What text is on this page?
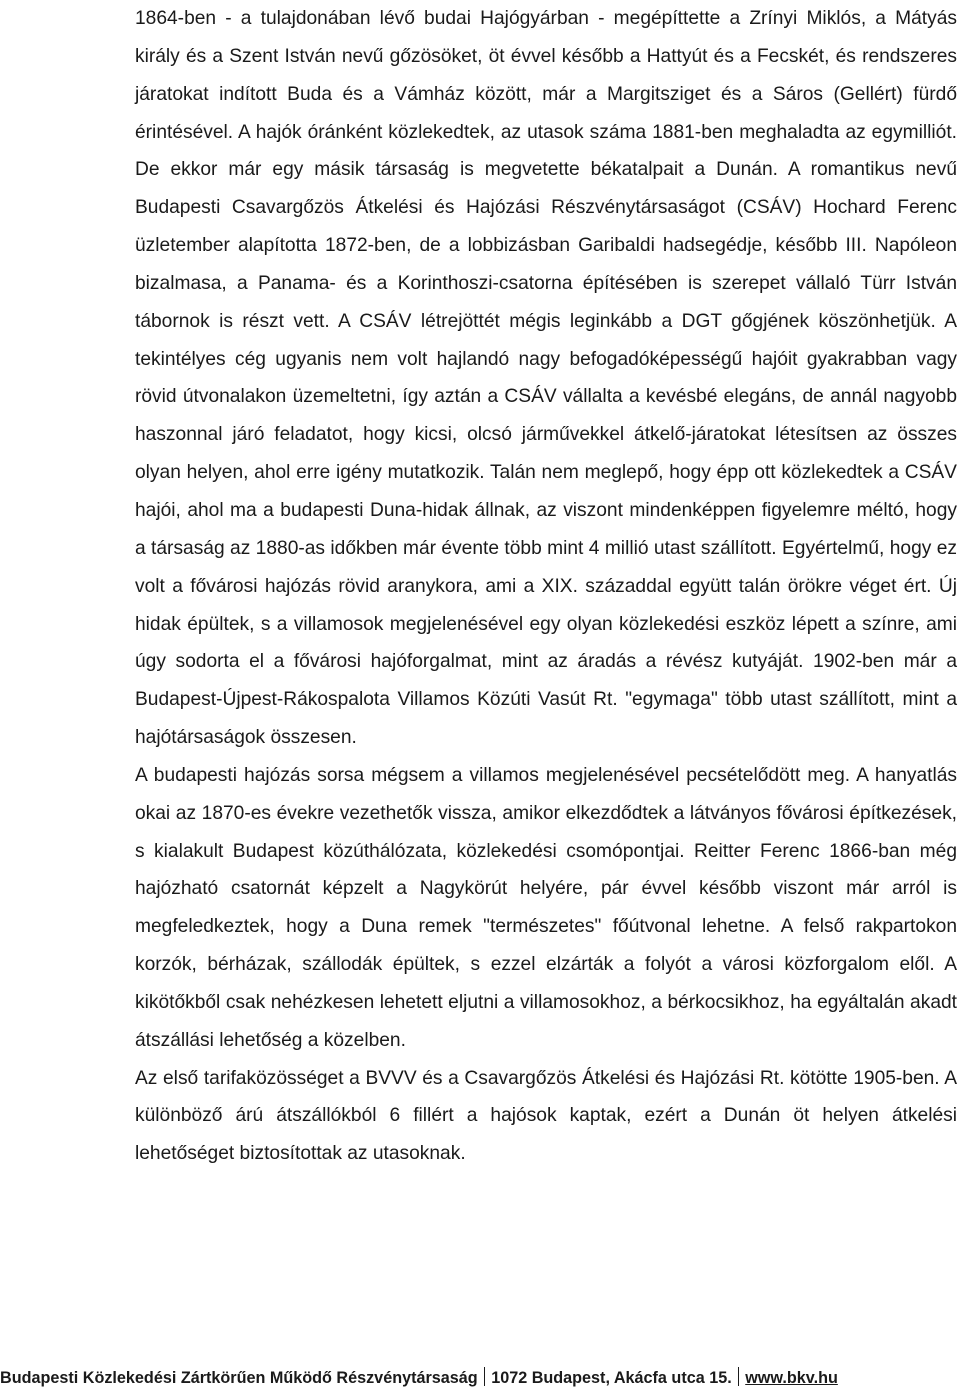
1864-ben - a tulajdonában lévő budai Hajógyárban - megépíttette a Zrínyi Miklós, a Mátyás király és a Szent István nevű gőzösöket, öt évvel később a Hattyút és a Fecskét, és rendszeres járatokat indított Buda és a Vámház között, már a Margitsziget és a Sáros (Gellért) fürdő érintésével. A hajók óránként közlekedtek, az utasok száma 1881-ben meghaladta az egymilliót. De ekkor már egy másik társaság is megvetette békatalpait a Dunán. A romantikus nevű Budapesti Csavargőzös Átkelési és Hajózási Részvénytársaságot (CSÁV) Hochard Ferenc üzletember alapította 1872-ben, de a lobbizásban Garibaldi hadsegédje, később III. Napóleon bizalmasa, a Panama- és a Korinthoszi-csatorna építésében is szerepet vállaló Türr István tábornok is részt vett. A CSÁV létrejöttét mégis leginkább a DGT gőgjének köszönhetjük. A tekintélyes cég ugyanis nem volt hajlandó nagy befogadóképességű hajóit gyakrabban vagy rövid útvonalakon üzemeltetni, így aztán a CSÁV vállalta a kevésbé elegáns, de annál nagyobb haszonnal járó feladatot, hogy kicsi, olcsó járművekkel átkelő-járatokat létesítsen az összes olyan helyen, ahol erre igény mutatkozik. Talán nem meglepő, hogy épp ott közlekedtek a CSÁV hajói, ahol ma a budapesti Duna-hidak állnak, az viszont mindenképpen figyelemre méltó, hogy a társaság az 1880-as időkben már évente több mint 4 millió utast szállított. Egyértelmű, hogy ez volt a fővárosi hajózás rövid aranykora, ami a XIX. századdal együtt talán örökre véget ért. Új hidak épültek, s a villamosok megjelenésével egy olyan közlekedési eszköz lépett a színre, ami úgy sodorta el a fővárosi hajóforgalmat, mint az áradás a révész kutyáját. 1902-ben már a Budapest-Újpest-Rákospalota Villamos Közúti Vasút Rt. "egymaga" több utast szállított, mint a hajótársaságok összesen.

A budapesti hajózás sorsa mégsem a villamos megjelenésével pecsételődött meg. A hanyatlás okai az 1870-es évekre vezethetők vissza, amikor elkezdődtek a látványos fővárosi építkezések, s kialakult Budapest közúthálózata, közlekedési csomópontjai. Reitter Ferenc 1866-ban még hajózható csatornát képzelt a Nagykörút helyére, pár évvel később viszont már arról is megfeledkeztek, hogy a Duna remek "természetes" főútvonal lehetne. A felső rakpartokon korzók, bérházak, szállodák épültek, s ezzel elzárták a folyót a városi közforgalom elől. A kikötőkből csak nehézkesen lehetett eljutni a villamosokhoz, a bérkocsikhoz, ha egyáltalán akadt átszállási lehetőség a közelben.

Az első tarifaközösséget a BVVV és a Csavargőzös Átkelési és Hajózási Rt. kötötte 1905-ben. A különböző árú átszállókból 6 fillért a hajósok kaptak, ezért a Dunán öt helyen átkelési lehetőséget biztosítottak az utasoknak.

Budapesti Közlekedési Zártkörűen Működő Részvénytársaság 1072 Budapest, Akácfa utca 15. www.bkv.hu
